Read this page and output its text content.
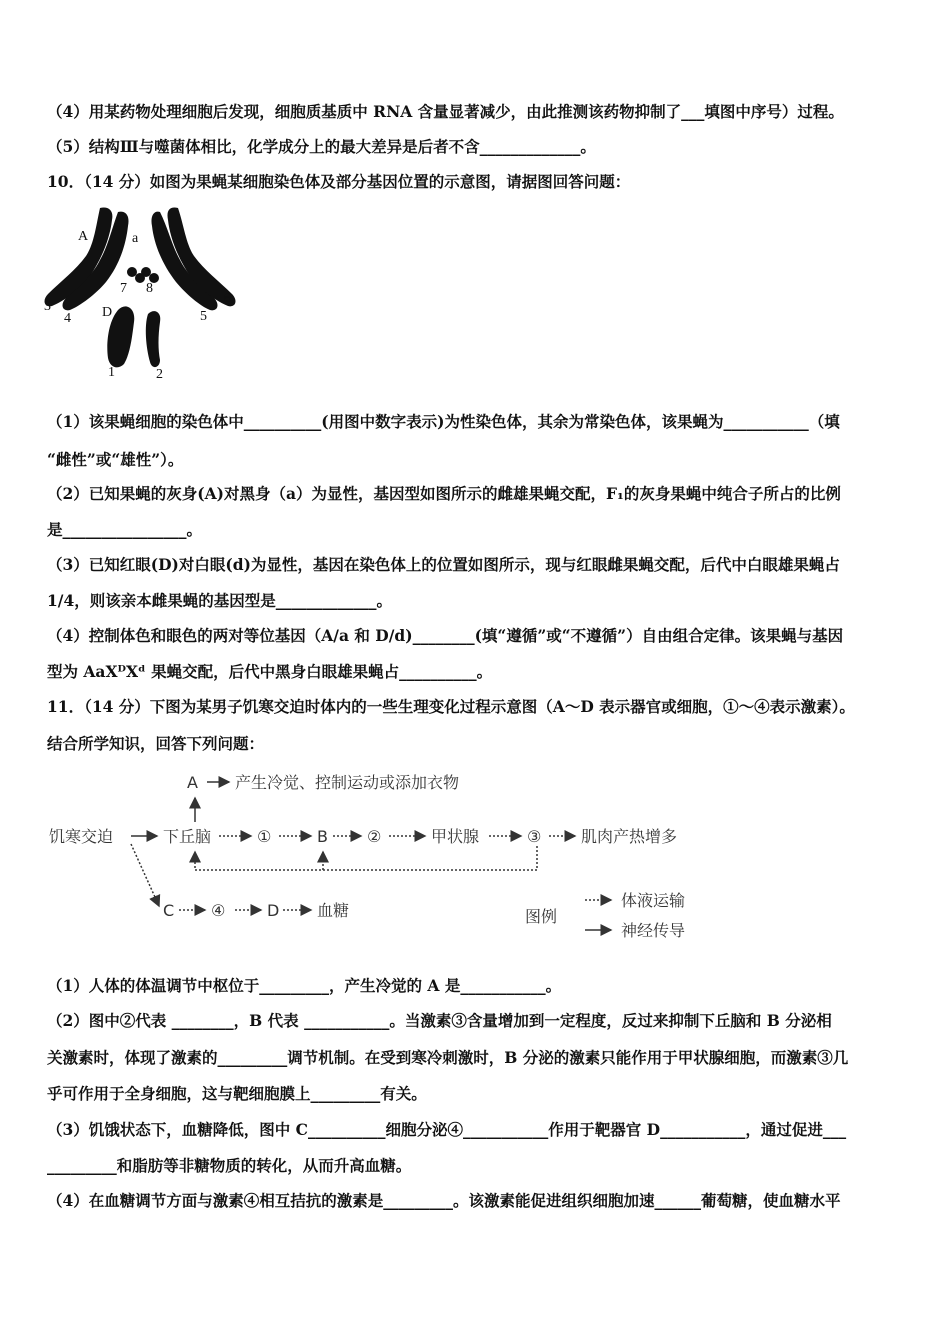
（4）用某药物处理细胞后发现，细胞质基质中 RNA 含量显著减少，由此推测该药物抑制了___填图中序号）过程。
（5）结构Ⅲ与噬菌体相比，化学成分上的最大差异是后者不含_____________。
10．（14 分）如图为果蝇某细胞染色体及部分基因位置的示意图，请据图回答问题：
A	a
D
3
4
7 8
5
6
1	2
（1）该果蝇细胞的染色体中__________(用图中数字表示)为性染色体，其余为常染色体，该果蝇为___________（填
“雌性”或“雄性”）。
（2）已知果蝇的灰身(A)对黑身（a）为显性，基因型如图所示的雌雄果蝇交配，F₁的灰身果蝇中纯合子所占的比例
是________________。
（3）已知红眼(D)对白眼(d)为显性，基因在染色体上的位置如图所示，现与红眼雌果蝇交配，后代中白眼雄果蝇占
1/4，则该亲本雌果蝇的基因型是_____________。
（4）控制体色和眼色的两对等位基因（A/a 和 D/d)________(填“遵循”或“不遵循”）自由组合定律。该果蝇与基因
型为 AaXᴰXᵈ 果蝇交配，后代中黑身白眼雄果蝇占__________。
11．（14 分）下图为某男子饥寒交迫时体内的一些生理变化过程示意图（A～D 表示器官或细胞，①～④表示激素）。
结合所学知识，回答下列问题：
饥寒交迫	下丘脑	①	B ②	甲状腺	③ 肌肉产热增多
A 产生冷觉、控制运动或添加衣物
C ④	D 血糖	图例
体液运输
神经传导
（1）人体的体温调节中枢位于_________，产生冷觉的 A 是___________。
（2）图中②代表 ________，B 代表 ___________。当激素③含量增加到一定程度，反过来抑制下丘脑和 B 分泌相
关激素时，体现了激素的_________调节机制。在受到寒冷刺激时，B 分泌的激素只能作用于甲状腺细胞，而激素③几
乎可作用于全身细胞，这与靶细胞膜上_________有关。
（3）饥饿状态下，血糖降低，图中 C__________细胞分泌④___________作用于靶器官 D___________，通过促进___
_________和脂肪等非糖物质的转化，从而升高血糖。
（4）在血糖调节方面与激素④相互拮抗的激素是_________。该激素能促进组织细胞加速______葡萄糖，使血糖水平
